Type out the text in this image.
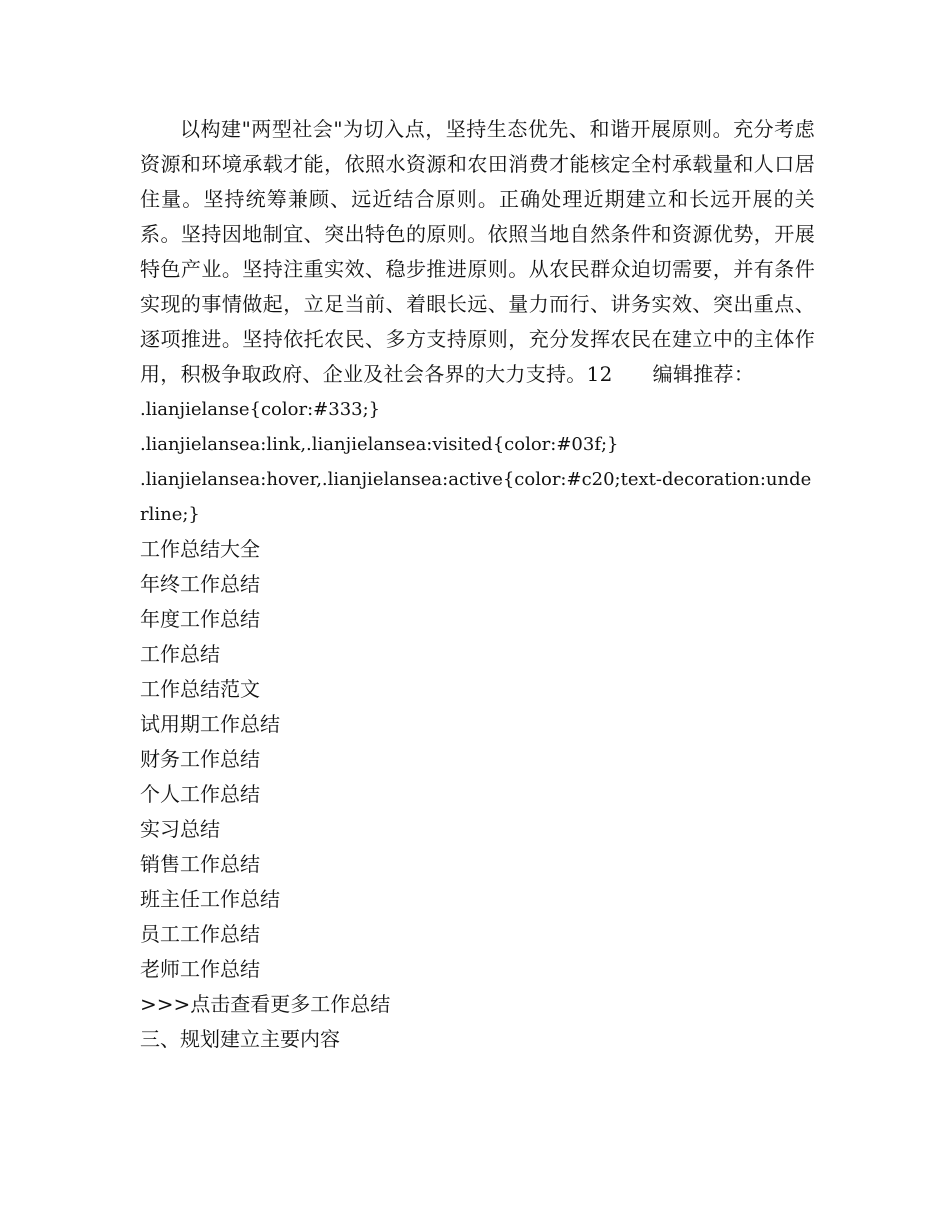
以构建"两型社会"为切入点，坚持生态优先、和谐开展原则。充分考虑资源和环境承载才能，依照水资源和农田消费才能核定全村承载量和人口居住量。坚持统筹兼顾、远近结合原则。正确处理近期建立和长远开展的关系。坚持因地制宜、突出特色的原则。依照当地自然条件和资源优势，开展特色产业。坚持注重实效、稳步推进原则。从农民群众迫切需要，并有条件实现的事情做起，立足当前、着眼长远、量力而行、讲务实效、突出重点、逐项推进。坚持依托农民、多方支持原则，充分发挥农民在建立中的主体作用，积极争取政府、企业及社会各界的大力支持。12 编辑推荐：

.lianjielanse{color:#333;}

.lianjielansea:link,.lianjielansea:visited{color:#03f;}

.lianjielansea:hover,.lianjielansea:active{color:#c20;text-decoration:underline;}

工作总结大全
年终工作总结
年度工作总结
工作总结
工作总结范文
试用期工作总结
财务工作总结
个人工作总结
实习总结
销售工作总结
班主任工作总结
员工工作总结
老师工作总结

>>>点击查看更多工作总结

三、规划建立主要内容
